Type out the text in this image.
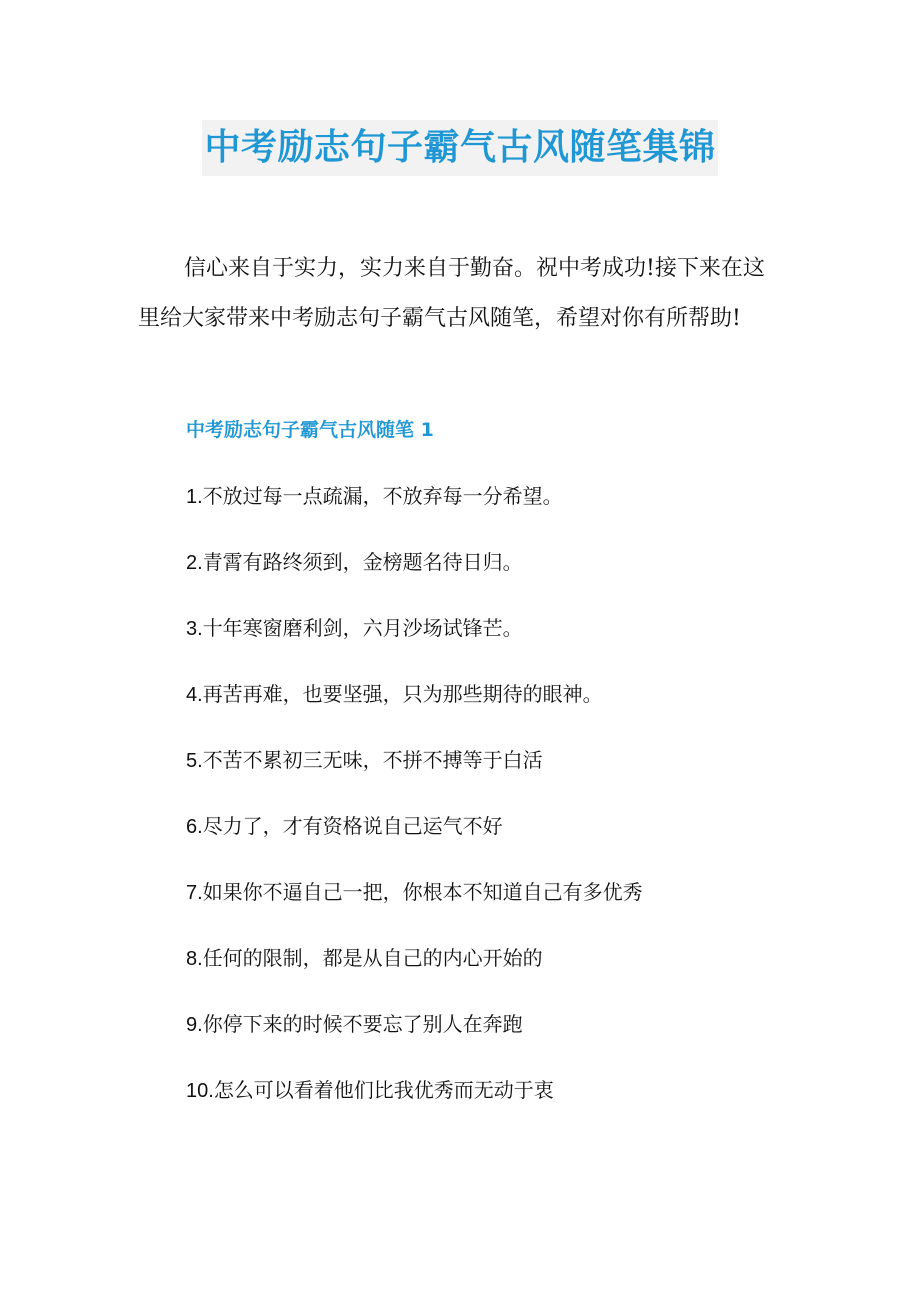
中考励志句子霸气古风随笔集锦

信心来自于实力，实力来自于勤奋。祝中考成功!接下来在这里给大家带来中考励志句子霸气古风随笔，希望对你有所帮助!

中考励志句子霸气古风随笔 1
1.不放过每一点疏漏，不放弃每一分希望。
2.青霄有路终须到，金榜题名待日归。
3.十年寒窗磨利剑，六月沙场试锋芒。
4.再苦再难，也要坚强，只为那些期待的眼神。
5.不苦不累初三无味，不拼不搏等于白活
6.尽力了，才有资格说自己运气不好
7.如果你不逼自己一把，你根本不知道自己有多优秀
8.任何的限制，都是从自己的内心开始的
9.你停下来的时候不要忘了别人在奔跑
10.怎么可以看着他们比我优秀而无动于衷
